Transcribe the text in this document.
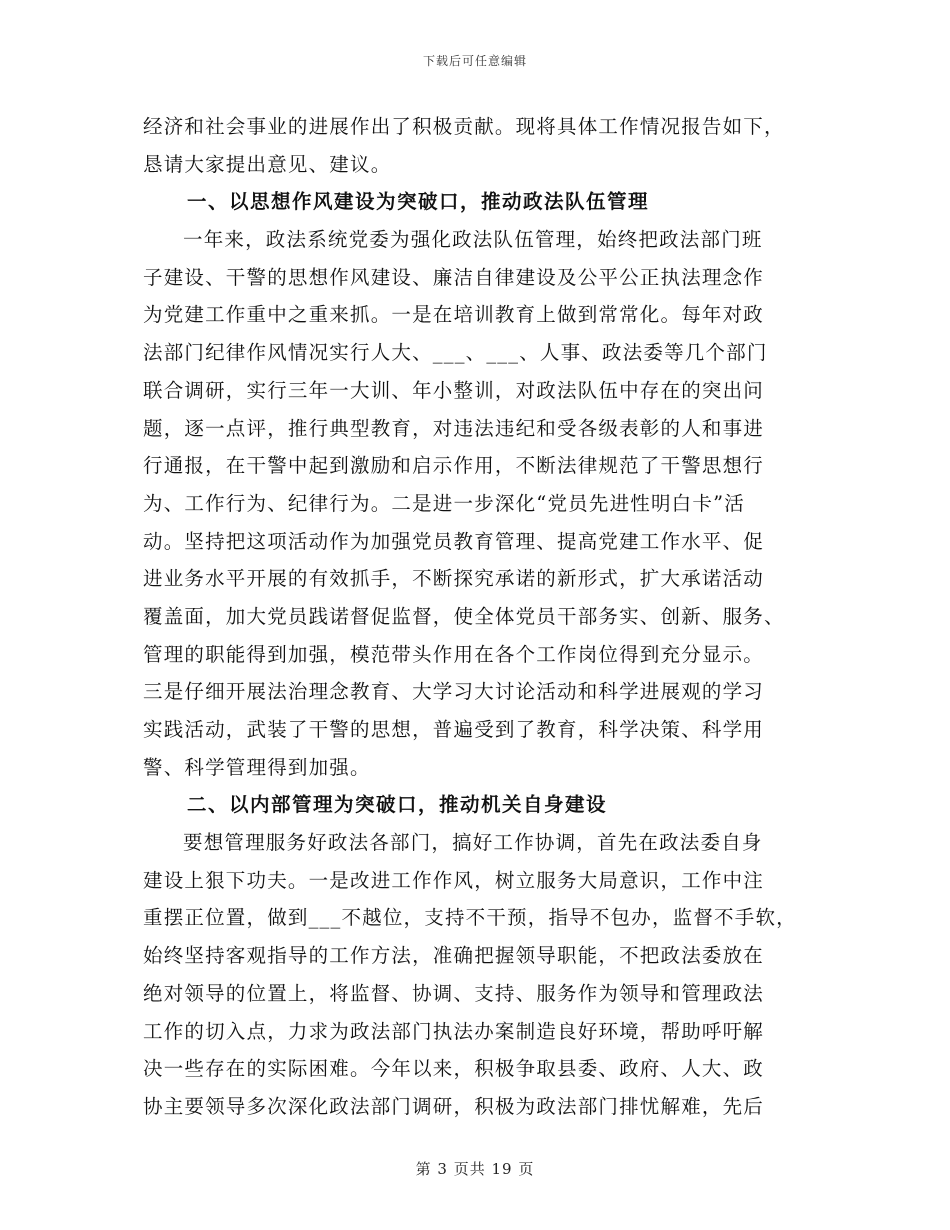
下载后可任意编辑
经济和社会事业的进展作出了积极贡献。现将具体工作情况报告如下，
恳请大家提出意见、建议。
一、以思想作风建设为突破口，推动政法队伍管理
一年来，政法系统党委为强化政法队伍管理，始终把政法部门班
子建设、干警的思想作风建设、廉洁自律建设及公平公正执法理念作
为党建工作重中之重来抓。一是在培训教育上做到常常化。每年对政
法部门纪律作风情况实行人大、___、___、人事、政法委等几个部门
联合调研，实行三年一大训、年小整训，对政法队伍中存在的突出问
题，逐一点评，推行典型教育，对违法违纪和受各级表彰的人和事进
行通报，在干警中起到激励和启示作用，不断法律规范了干警思想行
为、工作行为、纪律行为。二是进一步深化“党员先进性明白卡”活
动。坚持把这项活动作为加强党员教育管理、提高党建工作水平、促
进业务水平开展的有效抓手，不断探究承诺的新形式，扩大承诺活动
覆盖面，加大党员践诺督促监督，使全体党员干部务实、创新、服务、
管理的职能得到加强，模范带头作用在各个工作岗位得到充分显示。
三是仔细开展法治理念教育、大学习大讨论活动和科学进展观的学习
实践活动，武装了干警的思想，普遍受到了教育，科学决策、科学用
警、科学管理得到加强。
二、以内部管理为突破口，推动机关自身建设
要想管理服务好政法各部门，搞好工作协调，首先在政法委自身
建设上狠下功夫。一是改进工作作风，树立服务大局意识，工作中注
重摆正位置，做到___不越位，支持不干预，指导不包办，监督不手软，
始终坚持客观指导的工作方法，准确把握领导职能，不把政法委放在
绝对领导的位置上，将监督、协调、支持、服务作为领导和管理政法
工作的切入点，力求为政法部门执法办案制造良好环境，帮助呼吁解
决一些存在的实际困难。今年以来，积极争取县委、政府、人大、政
协主要领导多次深化政法部门调研，积极为政法部门排忧解难，先后
第 3 页共 19 页
